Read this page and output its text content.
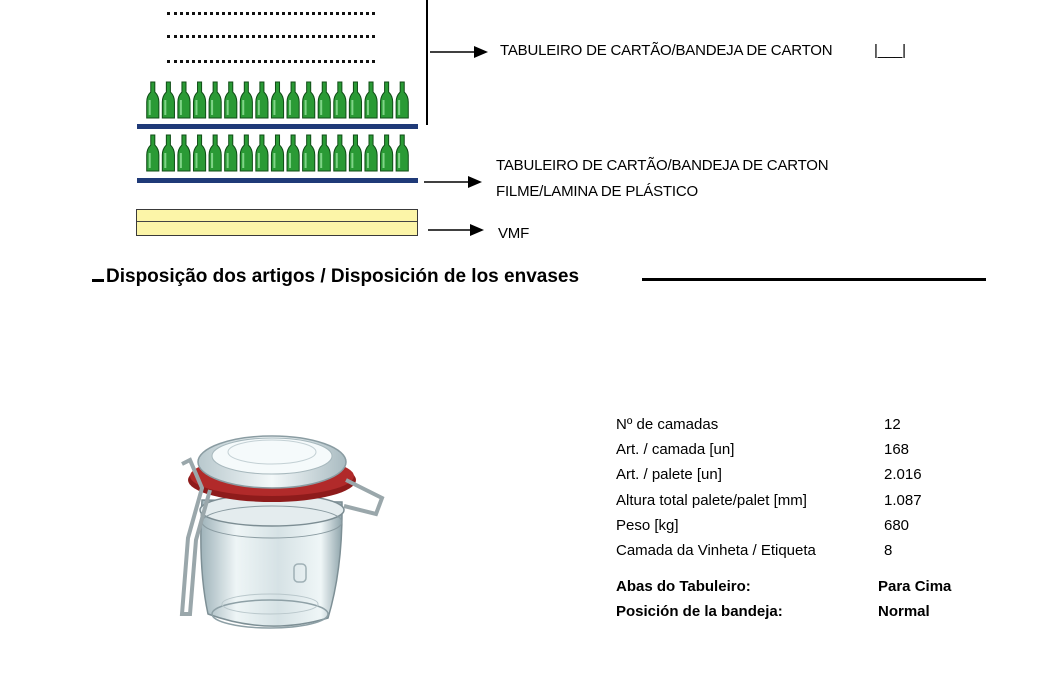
TABULEIRO DE CARTÃO/BANDEJA DE CARTON	|___|
TABULEIRO DE CARTÃO/BANDEJA DE CARTON
FILME/LAMINA DE PLÁSTICO
VMF
Disposição dos artigos / Disposición de los envases
Nº de camadas	12
Art. / camada [un]	168
Art. / palete [un]	2.016
Altura total palete/palet [mm]	1.087
Peso [kg]	680
Camada da Vinheta / Etiqueta	8
Abas do Tabuleiro:	Para Cima
Posición de la bandeja:	Normal
